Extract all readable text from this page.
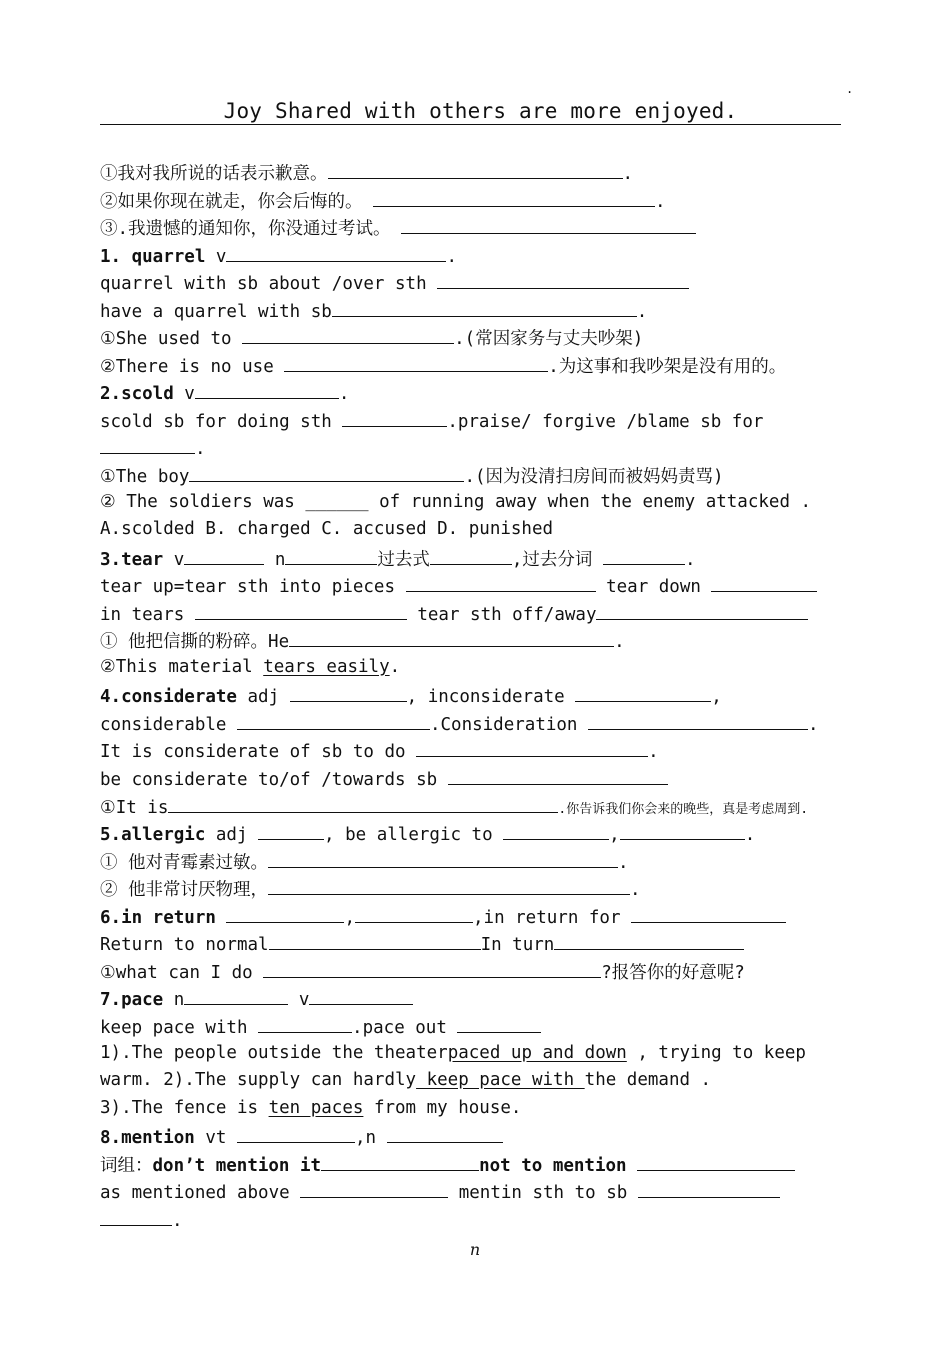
.
Joy Shared with others are more enjoyed.
①我对我所说的话表示歉意。	.
②如果你现在就走，你会后悔的。	.
③.我遗憾的通知你，你没通过考试。
1. quarrel v	.
quarrel with sb about /over sth
have a quarrel with sb	.
①She used to	.(常因家务与丈夫吵架)
②There is no use	.为这事和我吵架是没有用的。
2.scold v	.
scold sb for doing sth	.praise/ forgive /blame sb for
.
①The boy	.(因为没清扫房间而被妈妈责骂)
② The soldiers was ______ of running away when the enemy attacked .
A.scolded B. charged C. accused D. punished
3.tear v	n	过去式	,过去分词	.
tear up=tear sth into pieces	tear down
in tears	tear sth off/away
① 他把信撕的粉碎。He	.
②This material tears easily.
4.considerate adj	, inconsiderate	,
considerable	.Consideration	.
It is considerate of sb to do	.
be considerate to/of /towards sb
①It is	.你告诉我们你会来的晚些，真是考虑周到.
5.allergic adj	, be allergic to	,	.
① 他对青霉素过敏。	.
② 他非常讨厌物理，	.
6.in return	,	,in return for
Return to normal	In turn
①what can I do	?报答你的好意呢?
7.pace n	v
keep pace with	.pace out
1).The people outside the theaterpaced up and down , trying to keep
warm. 2).The supply can hardly keep pace with the demand .
3).The fence is ten paces from my house.
8.mention vt	,n
词组：don’t mention it	not to mention
as mentioned above	mentin sth to sb
.
n
